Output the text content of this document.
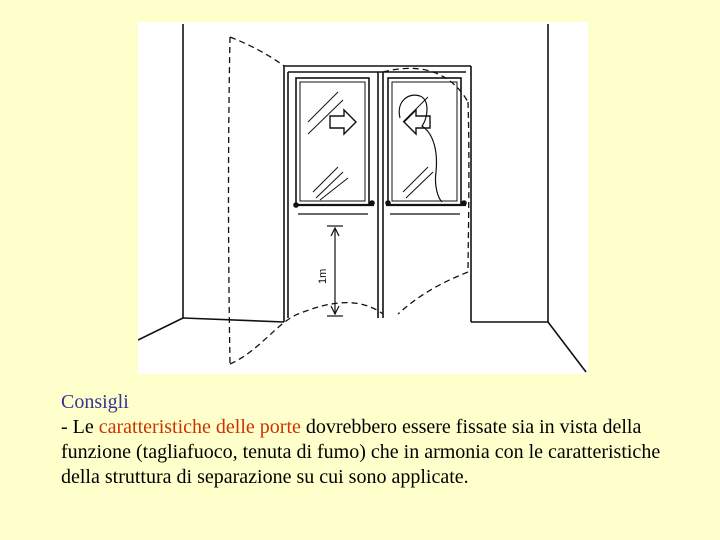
1m
Consigli
- Le caratteristiche delle porte dovrebbero essere fissate sia in vista della funzione (tagliafuoco, tenuta di fumo) che in armonia con le caratteristiche della struttura di separazione su cui sono applicate.
